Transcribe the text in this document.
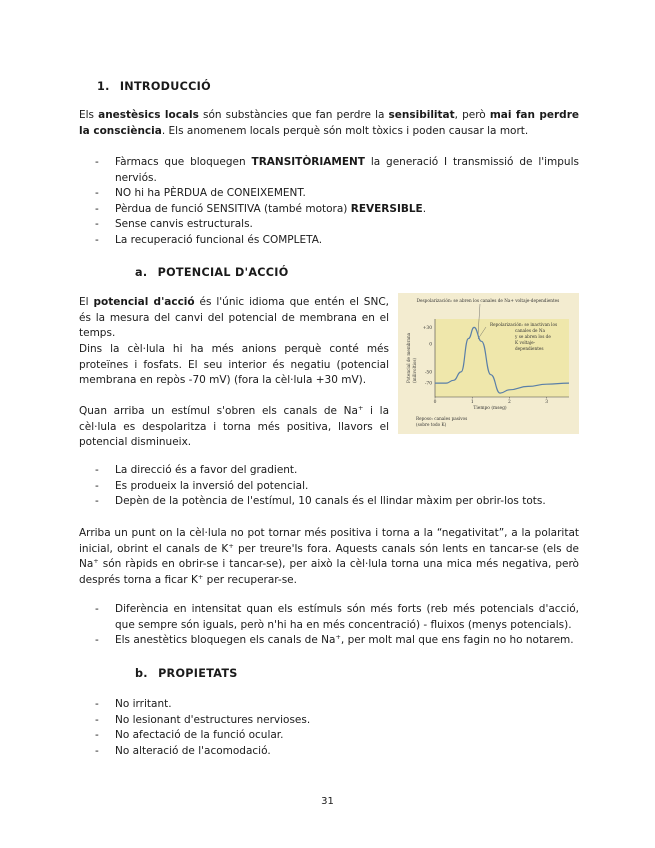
1. INTRODUCCIÓ

Els anestèsics locals són substàncies que fan perdre la sensibilitat, però mai fan perdre la consciència. Els anomenem locals perquè són molt tòxics i poden causar la mort.

- Fàrmacs que bloquegen TRANSITÒRIAMENT la generació I transmissió de l'impuls nerviós.
- NO hi ha PÈRDUA de CONEIXEMENT.
- Pèrdua de funció SENSITIVA (també motora) REVERSIBLE.
- Sense canvis estructurals.
- La recuperació funcional és COMPLETA.
a. POTENCIAL D'ACCIÓ

El potencial d'acció és l'únic idioma que entén el SNC, és la mesura del canvi del potencial de membrana en el temps.

Dins la cèl·lula hi ha més anions perquè conté més proteïnes i fosfats. El seu interior és negatiu (potencial membrana en repòs -70 mV) (fora la cèl·lula +30 mV).

Quan arriba un estímul s'obren els canals de Na+ i la cèl·lula es despolaritza i torna més positiva, llavors el potencial disminueix.

Despolarización: se abren los canales de Na+ voltaje-dependientes
Repolarización: se inactivan los
canales de Na
y se abren los de
K voltaje-
dependientes
Potencial de membrana (milivoltios)
+30
0
-50
-70
0	1	2	3
Tiempo (mseg)
Reposo: canales pasivos
(sobre todo K)
- La direcció és a favor del gradient.
- Es produeix la inversió del potencial.
- Depèn de la potència de l'estímul, 10 canals és el llindar màxim per obrir-los tots.

Arriba un punt on la cèl·lula no pot tornar més positiva i torna a la “negativitat”, a la polaritat inicial, obrint el canals de K+ per treure'ls fora. Aquests canals són lents en tancar-se (els de Na+ són ràpids en obrir-se i tancar-se), per això la cèl·lula torna una mica més negativa, però després torna a ficar K+ per recuperar-se.

- Diferència en intensitat quan els estímuls són més forts (reb més potencials d'acció, que sempre són iguals, però n'hi ha en més concentració) - fluixos (menys potencials).
- Els anestètics bloquegen els canals de Na+, per molt mal que ens fagin no ho notarem.
b. PROPIETATS
- No irritant.
- No lesionant d'estructures nervioses.
- No afectació de la funció ocular.
- No alteració de l'acomodació.
31
